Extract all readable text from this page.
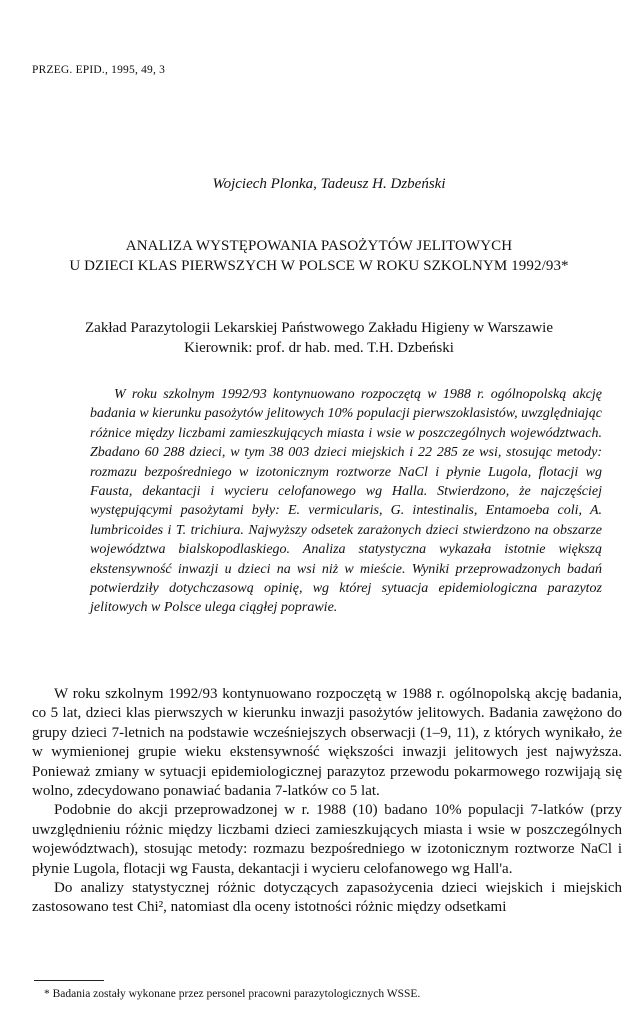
PRZEG. EPID., 1995, 49, 3
Wojciech Plonka, Tadeusz H. Dzbeński
ANALIZA WYSTĘPOWANIA PASOŻYTÓW JELITOWYCH
U DZIECI KLAS PIERWSZYCH W POLSCE W ROKU SZKOLNYM 1992/93*
Zakład Parazytologii Lekarskiej Państwowego Zakładu Higieny w Warszawie
Kierownik: prof. dr hab. med. T.H. Dzbeński

W roku szkolnym 1992/93 kontynuowano rozpoczętą w 1988 r. ogólnopolską akcję badania w kierunku pasożytów jelitowych 10% populacji pierwszoklasistów, uwzględniając różnice między liczbami zamieszkujących miasta i wsie w poszczególnych województwach. Zbadano 60 288 dzieci, w tym 38 003 dzieci miejskich i 22 285 ze wsi, stosując metody: rozmazu bezpośredniego w izotonicznym roztworze NaCl i płynie Lugola, flotacji wg Fausta, dekantacji i wycieru celofanowego wg Halla. Stwierdzono, że najczęściej występującymi pasożytami były: E. vermicularis, G. intestinalis, Entamoeba coli, A. lumbricoides i T. trichiura. Najwyższy odsetek zarażonych dzieci stwierdzono na obszarze województwa bialskopodlaskiego. Analiza statystyczna wykazała istotnie większą ekstensywność inwazji u dzieci na wsi niż w mieście. Wyniki przeprowadzonych badań potwierdziły dotychczasową opinię, wg której sytuacja epidemiologiczna parazytoz jelitowych w Polsce ulega ciągłej poprawie.

W roku szkolnym 1992/93 kontynuowano rozpoczętą w 1988 r. ogólnopolską akcję badania, co 5 lat, dzieci klas pierwszych w kierunku inwazji pasożytów jelitowych. Badania zawężono do grupy dzieci 7-letnich na podstawie wcześniejszych obserwacji (1–9, 11), z których wynikało, że w wymienionej grupie wieku ekstensywność większości inwazji jelitowych jest najwyższa. Ponieważ zmiany w sytuacji epidemiologicznej parazytoz przewodu pokarmowego rozwijają się wolno, zdecydowano ponawiać badania 7-latków co 5 lat.

Podobnie do akcji przeprowadzonej w r. 1988 (10) badano 10% populacji 7-latków (przy uwzględnieniu różnic między liczbami dzieci zamieszkujących miasta i wsie w poszczególnych województwach), stosując metody: rozmazu bezpośredniego w izotonicznym roztworze NaCl i płynie Lugola, flotacji wg Fausta, dekantacji i wycieru celofanowego wg Hall'a.

Do analizy statystycznej różnic dotyczących zapasożycenia dzieci wiejskich i miejskich zastosowano test Chi², natomiast dla oceny istotności różnic między odsetkami

* Badania zostały wykonane przez personel pracowni parazytologicznych WSSE.
